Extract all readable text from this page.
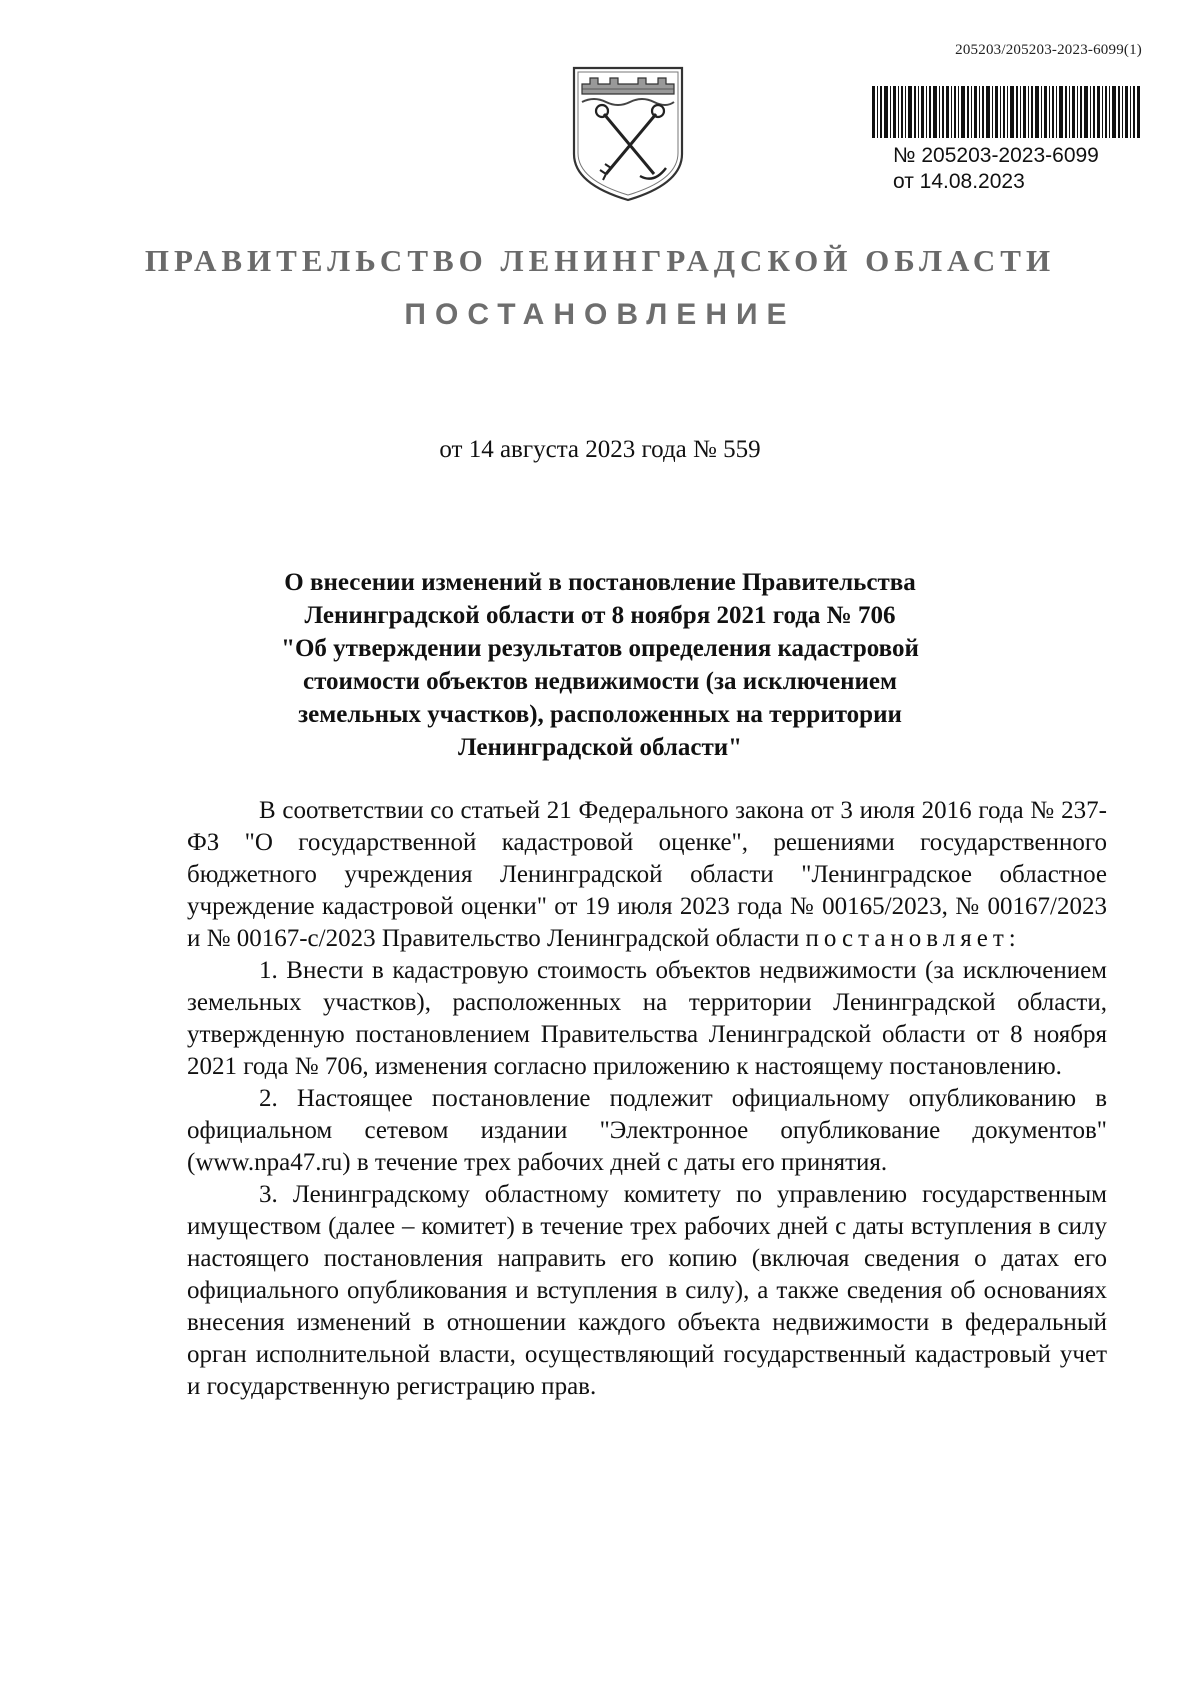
205203/205203-2023-6099(1)
№ 205203-2023-6099
от 14.08.2023
ПРАВИТЕЛЬСТВО ЛЕНИНГРАДСКОЙ ОБЛАСТИ
ПОСТАНОВЛЕНИЕ
от 14 августа 2023 года № 559
О внесении изменений в постановление Правительства
Ленинградской области от 8 ноября 2021 года № 706
"Об утверждении результатов определения кадастровой
стоимости объектов недвижимости (за исключением
земельных участков), расположенных на территории
Ленинградской области"

В соответствии со статьей 21 Федерального закона от 3 июля 2016 года № 237-ФЗ "О государственной кадастровой оценке", решениями государственного бюджетного учреждения Ленинградской области "Ленинградское областное учреждение кадастровой оценки" от 19 июля 2023 года № 00165/2023, № 00167/2023 и № 00167-с/2023 Правительство Ленинградской области постановляет:

1. Внести в кадастровую стоимость объектов недвижимости (за исключением земельных участков), расположенных на территории Ленинградской области, утвержденную постановлением Правительства Ленинградской области от 8 ноября 2021 года № 706, изменения согласно приложению к настоящему постановлению.

2. Настоящее постановление подлежит официальному опубликованию в официальном сетевом издании "Электронное опубликование документов" (www.npa47.ru) в течение трех рабочих дней с даты его принятия.

3. Ленинградскому областному комитету по управлению государственным имуществом (далее – комитет) в течение трех рабочих дней с даты вступления в силу настоящего постановления направить его копию (включая сведения о датах его официального опубликования и вступления в силу), а также сведения об основаниях внесения изменений в отношении каждого объекта недвижимости в федеральный орган исполнительной власти, осуществляющий государственный кадастровый учет и государственную регистрацию прав.
